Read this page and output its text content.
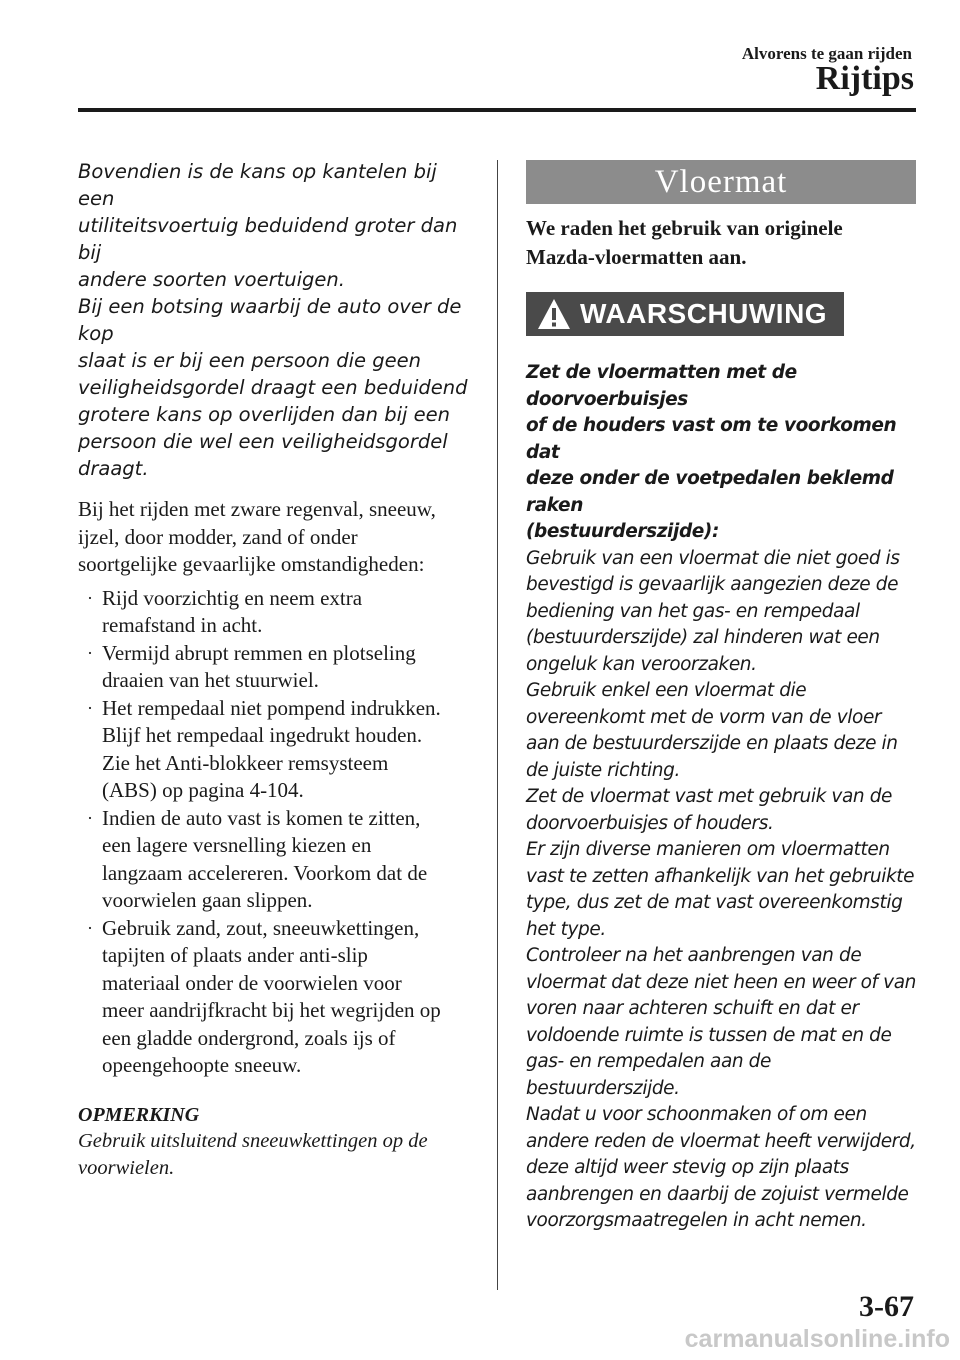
Alvorens te gaan rijden
Rijtips

Bovendien is de kans op kantelen bij een

utiliteitsvoertuig beduidend groter dan bij

andere soorten voertuigen.

Bij een botsing waarbij de auto over de kop

slaat is er bij een persoon die geen

veiligheidsgordel draagt een beduidend

grotere kans op overlijden dan bij een

persoon die wel een veiligheidsgordel

draagt.

Bij het rijden met zware regenval, sneeuw,

ijzel, door modder, zand of onder

soortgelijke gevaarlijke omstandigheden:

· Rijd voorzichtig en neem extra
remafstand in acht.
· Vermijd abrupt remmen en plotseling
draaien van het stuurwiel.
· Het rempedaal niet pompend indrukken.
Blijf het rempedaal ingedrukt houden.
Zie het Anti-blokkeer remsysteem
(ABS) op pagina 4-104.
· Indien de auto vast is komen te zitten,
een lagere versnelling kiezen en
langzaam accelereren. Voorkom dat de
voorwielen gaan slippen.
· Gebruik zand, zout, sneeuwkettingen,
tapijten of plaats ander anti-slip
materiaal onder de voorwielen voor
meer aandrijfkracht bij het wegrijden op
een gladde ondergrond, zoals ijs of
opeengehoopte sneeuw.
OPMERKING

Gebruik uitsluitend sneeuwkettingen op de

voorwielen.

Vloermat
We raden het gebruik van originele
Mazda-vloermatten aan.
WAARSCHUWING
Zet de vloermatten met de doorvoerbuisjes
of de houders vast om te voorkomen dat
deze onder de voetpedalen beklemd raken
(bestuurderszijde):

Gebruik van een vloermat die niet goed is

bevestigd is gevaarlijk aangezien deze de

bediening van het gas- en rempedaal

(bestuurderszijde) zal hinderen wat een

ongeluk kan veroorzaken.

Gebruik enkel een vloermat die

overeenkomt met de vorm van de vloer

aan de bestuurderszijde en plaats deze in

de juiste richting.

Zet de vloermat vast met gebruik van de

doorvoerbuisjes of houders.

Er zijn diverse manieren om vloermatten

vast te zetten afhankelijk van het gebruikte

type, dus zet de mat vast overeenkomstig

het type.

Controleer na het aanbrengen van de

vloermat dat deze niet heen en weer of van

voren naar achteren schuift en dat er

voldoende ruimte is tussen de mat en de

gas- en rempedalen aan de

bestuurderszijde.

Nadat u voor schoonmaken of om een

andere reden de vloermat heeft verwijderd,

deze altijd weer stevig op zijn plaats

aanbrengen en daarbij de zojuist vermelde

voorzorgsmaatregelen in acht nemen.

3-67
carmanualsonline.info
